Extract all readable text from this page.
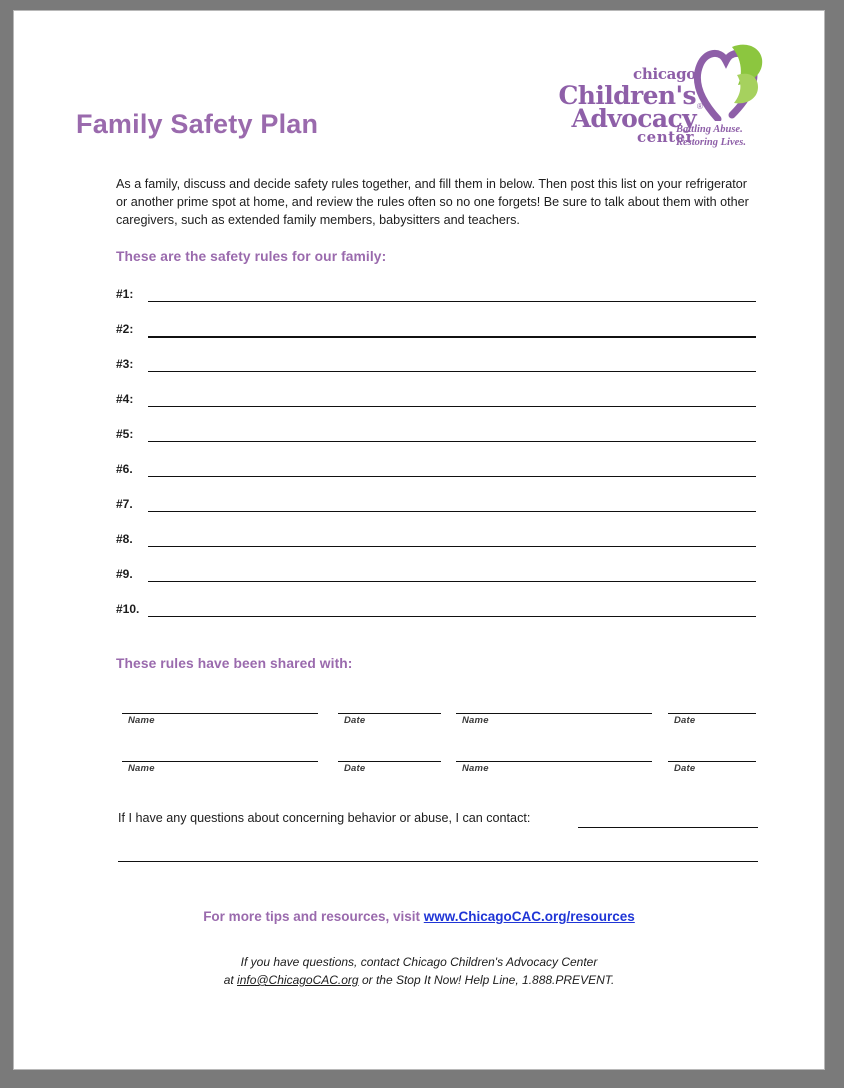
chicago
Children's
Advocacy
center
®
Battling Abuse. Restoring Lives.
Family Safety Plan
As a family, discuss and decide safety rules together, and fill them in below. Then post this list on your refrigerator or another prime spot at home, and review the rules often so no one forgets! Be sure to talk about them with other caregivers, such as extended family members, babysitters and teachers.
These are the safety rules for our family:
#1:
#2:
#3:
#4:
#5:
#6.
#7.
#8.
#9.
#10.
These rules have been shared with:
Name	Date	Name	Date
Name	Date	Name	Date
If I have any questions about concerning behavior or abuse, I can contact:
For more tips and resources, visit www.ChicagoCAC.org/resources
If you have questions, contact Chicago Children's Advocacy Center
at info@ChicagoCAC.org or the Stop It Now! Help Line, 1.888.PREVENT.
